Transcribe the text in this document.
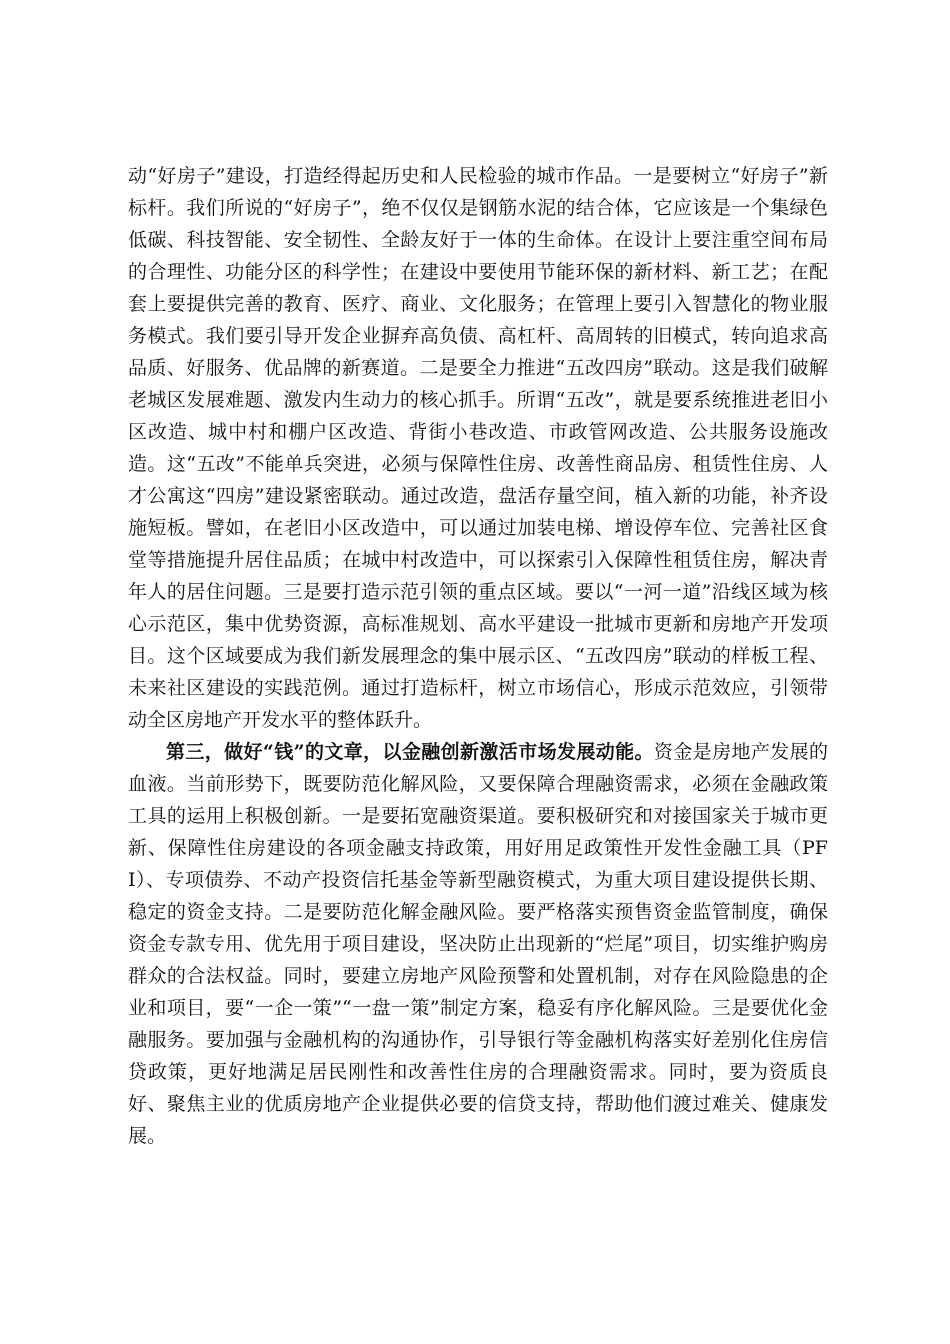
动“好房子”建设，打造经得起历史和人民检验的城市作品。一是要树立“好房子”新标杆。我们所说的“好房子”，绝不仅仅是钢筋水泥的结合体，它应该是一个集绿色低碳、科技智能、安全韧性、全龄友好于一体的生命体。在设计上要注重空间布局的合理性、功能分区的科学性；在建设中要使用节能环保的新材料、新工艺；在配套上要提供完善的教育、医疗、商业、文化服务；在管理上要引入智慧化的物业服务模式。我们要引导开发企业摒弃高负债、高杠杆、高周转的旧模式，转向追求高品质、好服务、优品牌的新赛道。二是要全力推进“五改四房”联动。这是我们破解老城区发展难题、激发内生动力的核心抓手。所谓“五改”，就是要系统推进老旧小区改造、城中村和棚户区改造、背街小巷改造、市政管网改造、公共服务设施改造。这“五改”不能单兵突进，必须与保障性住房、改善性商品房、租赁性住房、人才公寓这“四房”建设紧密联动。通过改造，盘活存量空间，植入新的功能，补齐设施短板。譬如，在老旧小区改造中，可以通过加装电梯、增设停车位、完善社区食堂等措施提升居住品质；在城中村改造中，可以探索引入保障性租赁住房，解决青年人的居住问题。三是要打造示范引领的重点区域。要以“一河一道”沿线区域为核心示范区，集中优势资源，高标准规划、高水平建设一批城市更新和房地产开发项目。这个区域要成为我们新发展理念的集中展示区、“五改四房”联动的样板工程、未来社区建设的实践范例。通过打造标杆，树立市场信心，形成示范效应，引领带动全区房地产开发水平的整体跃升。

第三，做好“钱”的文章，以金融创新激活市场发展动能。资金是房地产发展的血液。当前形势下，既要防范化解风险，又要保障合理融资需求，必须在金融政策工具的运用上积极创新。一是要拓宽融资渠道。要积极研究和对接国家关于城市更新、保障性住房建设的各项金融支持政策，用好用足政策性开发性金融工具（PFI）、专项债券、不动产投资信托基金等新型融资模式，为重大项目建设提供长期、稳定的资金支持。二是要防范化解金融风险。要严格落实预售资金监管制度，确保资金专款专用、优先用于项目建设，坚决防止出现新的“烂尾”项目，切实维护购房群众的合法权益。同时，要建立房地产风险预警和处置机制，对存在风险隐患的企业和项目，要“一企一策”“一盘一策”制定方案，稳妥有序化解风险。三是要优化金融服务。要加强与金融机构的沟通协作，引导银行等金融机构落实好差别化住房信贷政策，更好地满足居民刚性和改善性住房的合理融资需求。同时，要为资质良好、聚焦主业的优质房地产企业提供必要的信贷支持，帮助他们渡过难关、健康发展。
